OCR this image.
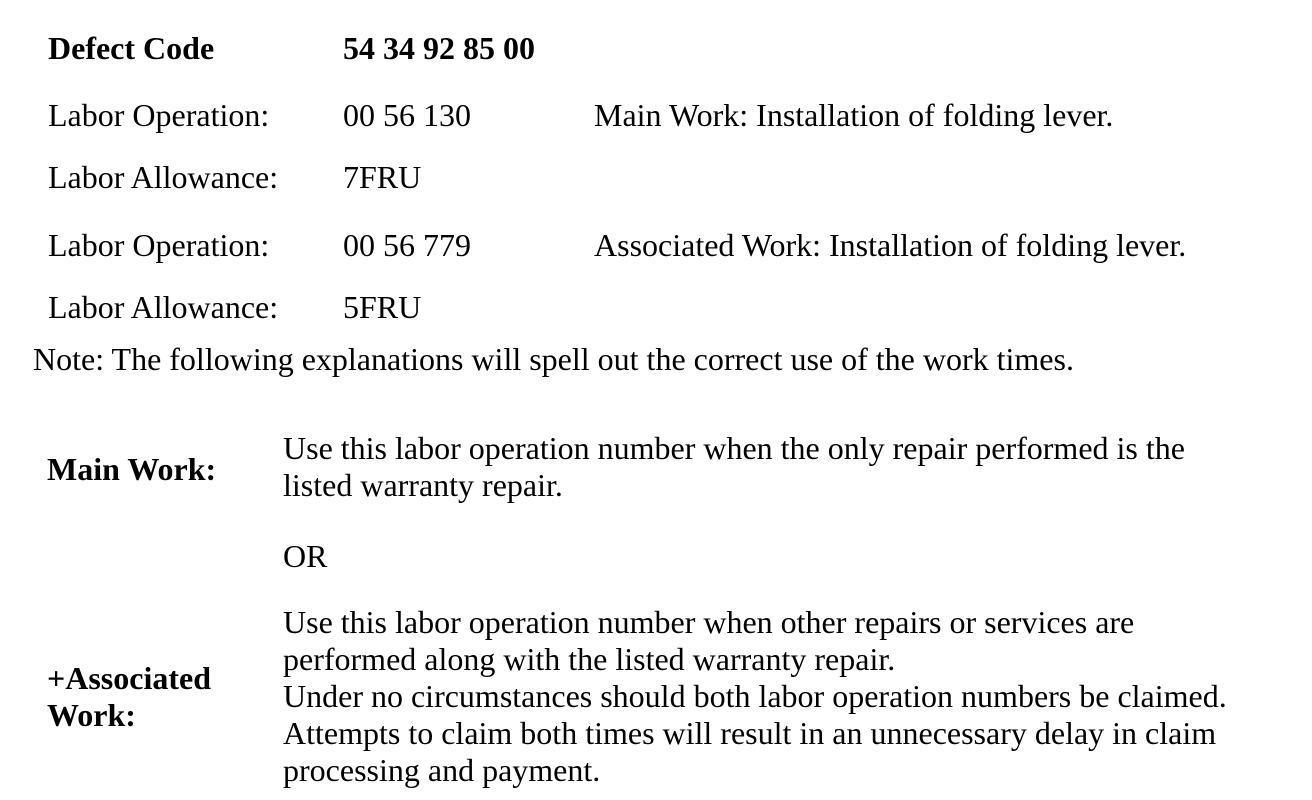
Defect Code	54 34 92 85 00
Labor Operation: 00 56 130	Main Work: Installation of folding lever.
Labor Allowance: 7FRU
Labor Operation: 00 56 779	Associated Work: Installation of folding lever.
Labor Allowance: 5FRU
Note: The following explanations will spell out the correct use of the work times.
Main Work:
Use this labor operation number when the only repair performed is the
listed warranty repair.
OR
+Associated
Work:
Use this labor operation number when other repairs or services are
performed along with the listed warranty repair.
Under no circumstances should both labor operation numbers be claimed.
Attempts to claim both times will result in an unnecessary delay in claim
processing and payment.
